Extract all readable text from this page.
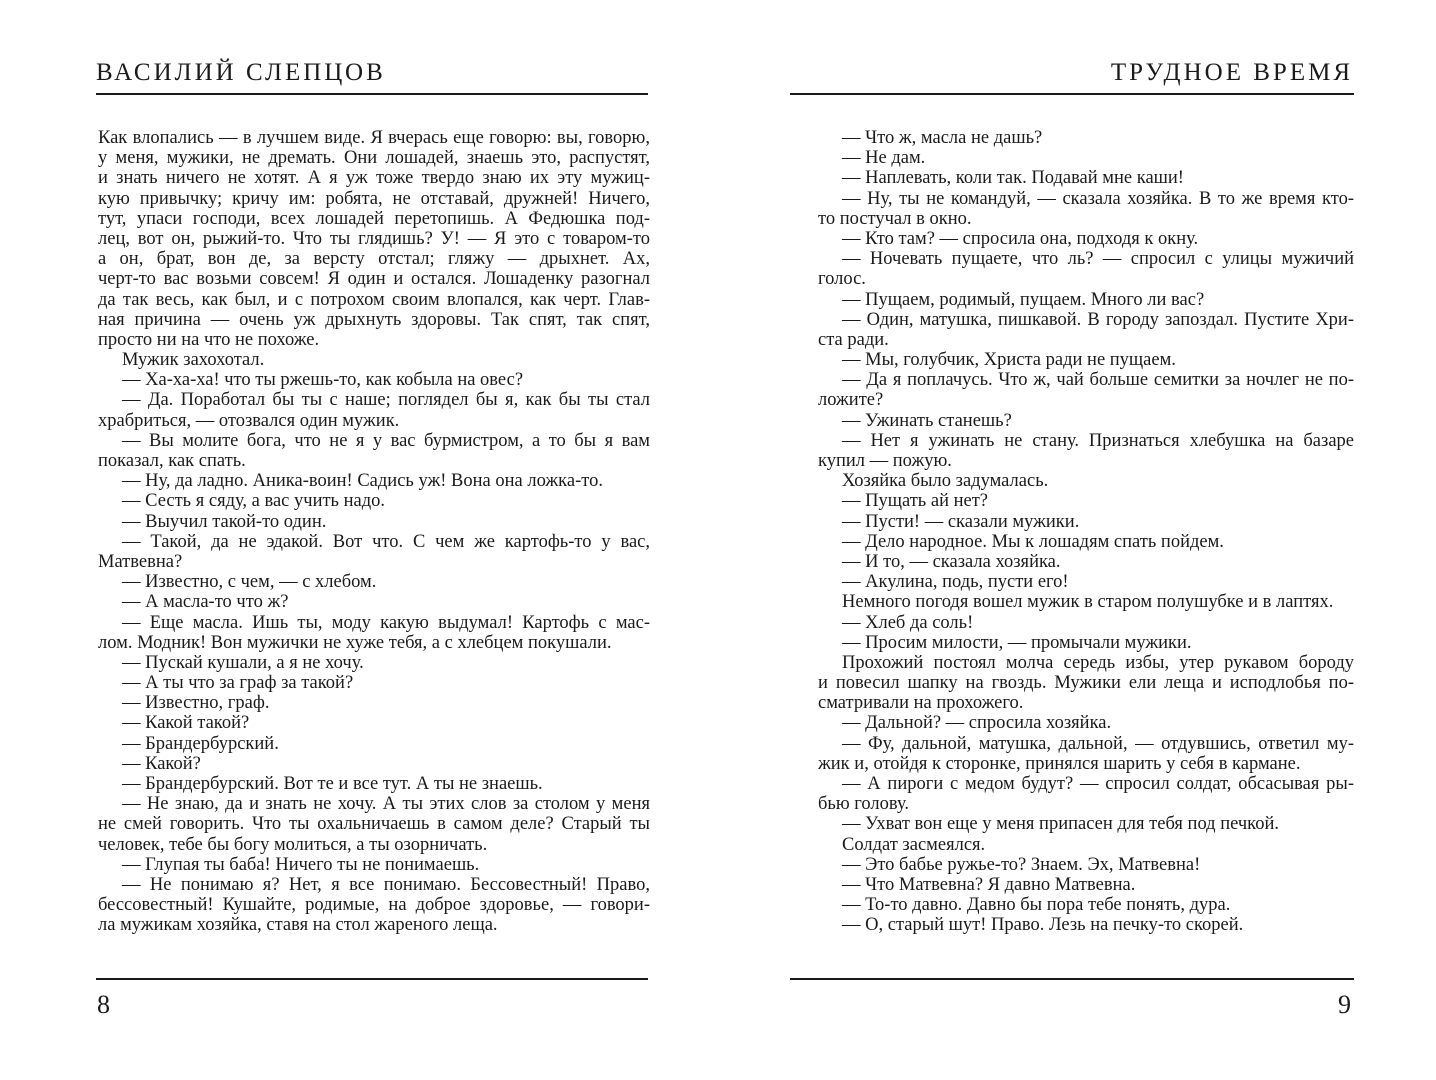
ВАСИЛИЙ СЛЕПЦОВ
Как влопались — в лучшем виде. Я вчерась еще говорю: вы, говорю,
у меня, мужики, не дремать. Они лошадей, знаешь это, распустят,
и знать ничего не хотят. А я уж тоже твердо знаю их эту мужиц-
кую привычку; кричу им: робята, не отставай, дружней! Ничего,
тут, упаси господи, всех лошадей перетопишь. А Федюшка под-
лец, вот он, рыжий-то. Что ты глядишь? У! — Я это с товаром-то
а он, брат, вон де, за версту отстал; гляжу — дрыхнет. Ах,
черт-то вас возьми совсем! Я один и остался. Лошаденку разогнал
да так весь, как был, и с потрохом своим влопался, как черт. Глав-
ная причина — очень уж дрыхнуть здоровы. Так спят, так спят,
просто ни на что не похоже.
Мужик захохотал.
— Ха-ха-ха! что ты ржешь-то, как кобыла на овес?
— Да. Поработал бы ты с наше; поглядел бы я, как бы ты стал
храбриться, — отозвался один мужик.
— Вы молите бога, что не я у вас бурмистром, а то бы я вам
показал, как спать.
— Ну, да ладно. Аника-воин! Садись уж! Вона она ложка-то.
— Сесть я сяду, а вас учить надо.
— Выучил такой-то один.
— Такой, да не эдакой. Вот что. С чем же картофь-то у вас,
Матвевна?
— Известно, с чем, — с хлебом.
— А масла-то что ж?
— Еще масла. Ишь ты, моду какую выдумал! Картофь с мас-
лом. Модник! Вон мужички не хуже тебя, а с хлебцем покушали.
— Пускай кушали, а я не хочу.
— А ты что за граф за такой?
— Известно, граф.
— Какой такой?
— Брандербурский.
— Какой?
— Брандербурский. Вот те и все тут. А ты не знаешь.
— Не знаю, да и знать не хочу. А ты этих слов за столом у меня
не смей говорить. Что ты охальничаешь в самом деле? Старый ты
человек, тебе бы богу молиться, а ты озорничать.
— Глупая ты баба! Ничего ты не понимаешь.
— Не понимаю я? Нет, я все понимаю. Бессовестный! Право,
бессовестный! Кушайте, родимые, на доброе здоровье, — говори-
ла мужикам хозяйка, ставя на стол жареного леща.
8
ТРУДНОЕ ВРЕМЯ
— Что ж, масла не дашь?
— Не дам.
— Наплевать, коли так. Подавай мне каши!
— Ну, ты не командуй, — сказала хозяйка. В то же время кто-
то постучал в окно.
— Кто там? — спросила она, подходя к окну.
— Ночевать пущаете, что ль? — спросил с улицы мужичий
голос.
— Пущаем, родимый, пущаем. Много ли вас?
— Один, матушка, пишкавой. В городу запоздал. Пустите Хри-
ста ради.
— Мы, голубчик, Христа ради не пущаем.
— Да я поплачусь. Что ж, чай больше семитки за ночлег не по-
ложите?
— Ужинать станешь?
— Нет я ужинать не стану. Признаться хлебушка на базаре
купил — пожую.
Хозяйка было задумалась.
— Пущать ай нет?
— Пусти! — сказали мужики.
— Дело народное. Мы к лошадям спать пойдем.
— И то, — сказала хозяйка.
— Акулина, подь, пусти его!
Немного погодя вошел мужик в старом полушубке и в лаптях.
— Хлеб да соль!
— Просим милости, — промычали мужики.
Прохожий постоял молча середь избы, утер рукавом бороду
и повесил шапку на гвоздь. Мужики ели леща и исподлобья по-
сматривали на прохожего.
— Дальной? — спросила хозяйка.
— Фу, дальной, матушка, дальной, — отдувшись, ответил му-
жик и, отойдя к сторонке, принялся шарить у себя в кармане.
— А пироги с медом будут? — спросил солдат, обсасывая ры-
бью голову.
— Ухват вон еще у меня припасен для тебя под печкой.
Солдат засмеялся.
— Это бабье ружье-то? Знаем. Эх, Матвевна!
— Что Матвевна? Я давно Матвевна.
— То-то давно. Давно бы пора тебе понять, дура.
— О, старый шут! Право. Лезь на печку-то скорей.
9
